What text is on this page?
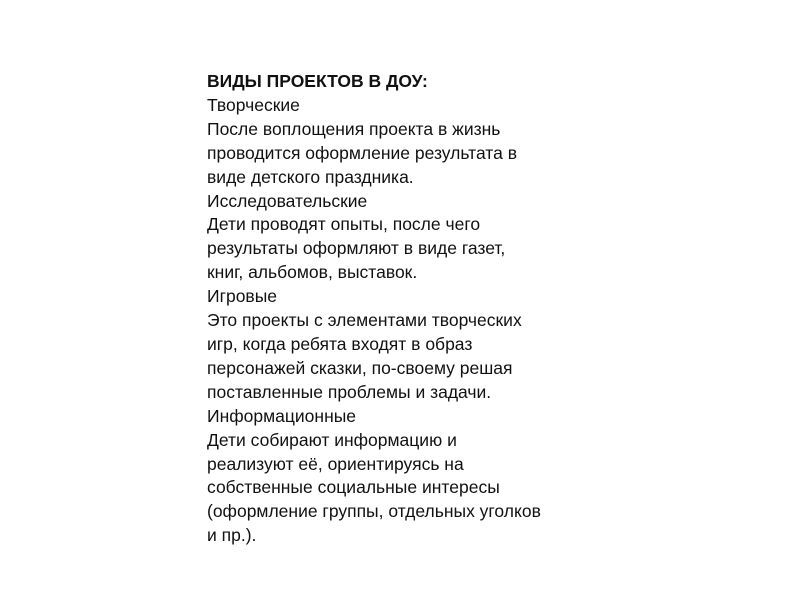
ВИДЫ ПРОЕКТОВ В ДОУ:
Творческие
После воплощения проекта в жизнь
проводится оформление результата в
виде детского праздника.
Исследовательские
Дети проводят опыты, после чего
результаты оформляют в виде газет,
книг, альбомов, выставок.
Игровые
Это проекты с элементами творческих
игр, когда ребята входят в образ
персонажей сказки, по-своему решая
поставленные проблемы и задачи.
Информационные
Дети собирают информацию и
реализуют её, ориентируясь на
собственные социальные интересы
(оформление группы, отдельных уголков
и пр.).
